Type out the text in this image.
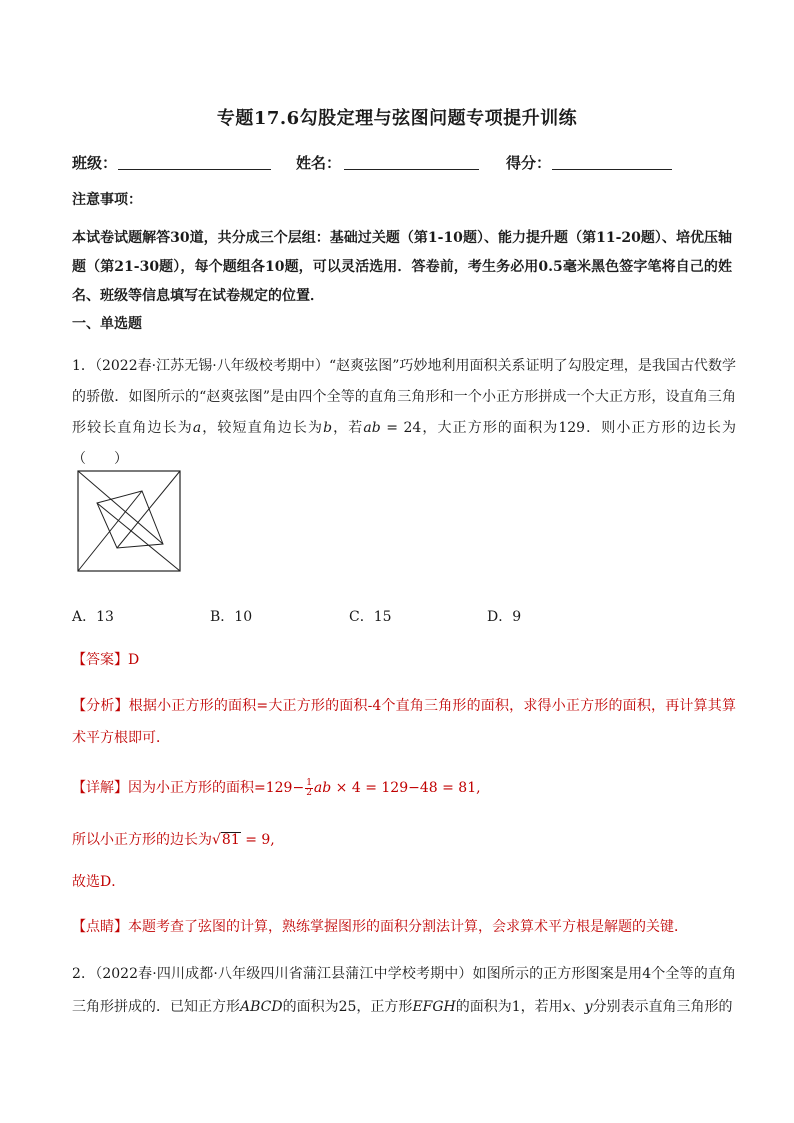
专题17.6勾股定理与弦图问题专项提升训练
班级：	姓名：	得分：
注意事项：
本试卷试题解答30道，共分成三个层组：基础过关题（第1-10题）、能力提升题（第11-20题）、培优压轴题（第21-30题），每个题组各10题，可以灵活选用．答卷前，考生务必用0.5毫米黑色签字笔将自己的姓名、班级等信息填写在试卷规定的位置．
一、单选题
1．（2022春·江苏无锡·八年级校考期中）“赵爽弦图”巧妙地利用面积关系证明了勾股定理，是我国古代数学的骄傲．如图所示的“赵爽弦图”是由四个全等的直角三角形和一个小正方形拼成一个大正方形，设直角三角形较长直角边长为a，较短直角边长为b，若ab = 24，大正方形的面积为129．则小正方形的边长为（　　）
A．13	B．10	C．15	D．9
【答案】D
【分析】根据小正方形的面积=大正方形的面积-4个直角三角形的面积，求得小正方形的面积，再计算其算术平方根即可．
【详解】因为小正方形的面积$=129- \frac{1}{2}$ ab × 4 = 129−48 = 81,
所以小正方形的边长为√81 = 9,
故选D．
【点睛】本题考查了弦图的计算，熟练掌握图形的面积分割法计算，会求算术平方根是解题的关键．
2．（2022春·四川成都·八年级四川省蒲江县蒲江中学校考期中）如图所示的正方形图案是用4个全等的直角三角形拼成的．已知正方形ABCD的面积为25，正方形EFGH的面积为1，若用x、y分别表示直角三角形的
